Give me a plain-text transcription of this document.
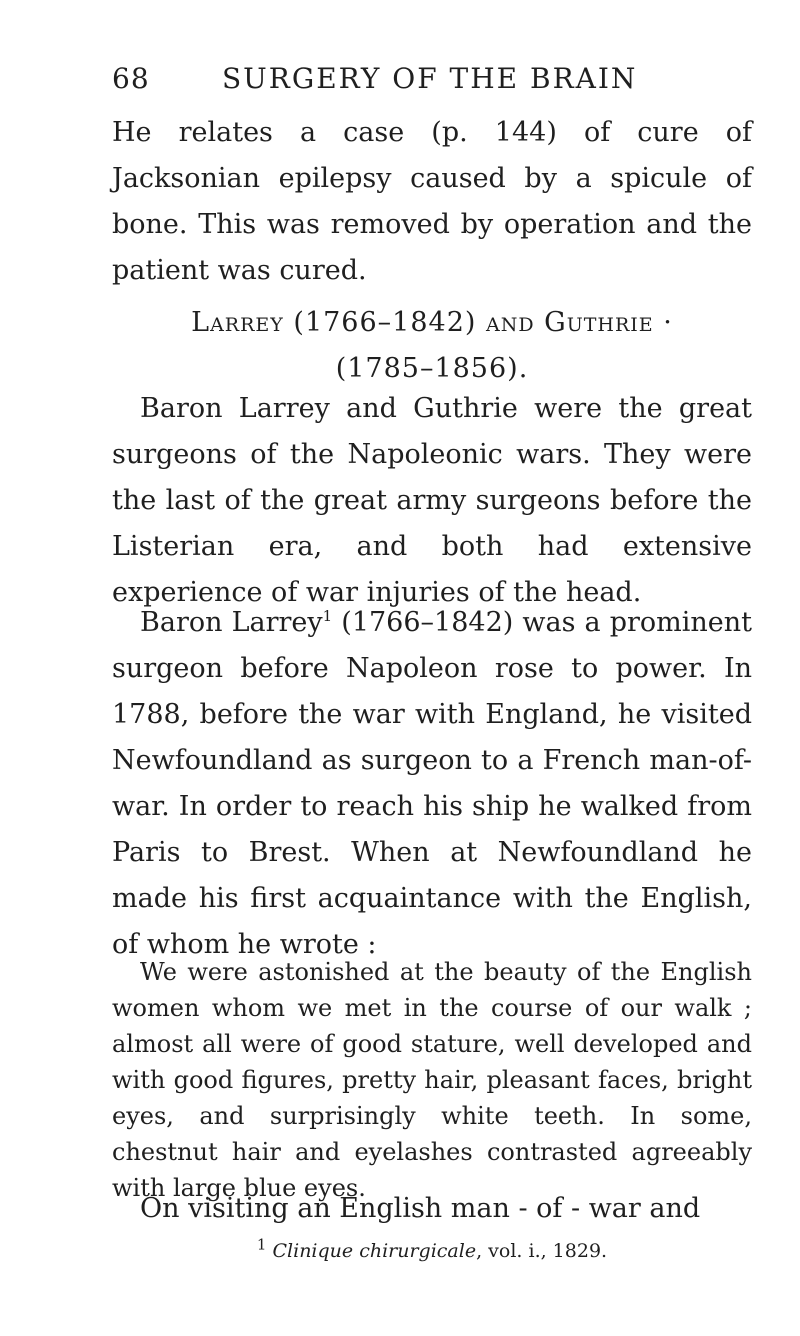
68	SURGERY OF THE BRAIN

He relates a case (p. 144) of cure of Jacksonian epilepsy caused by a spicule of bone. This was removed by operation and the patient was cured.

Larrey (1766–1842) and Guthrie ·
(1785–1856).

Baron Larrey and Guthrie were the great surgeons of the Napoleonic wars. They were the last of the great army surgeons before the Listerian era, and both had extensive experience of war injuries of the head.

Baron Larrey$^1$ (1766–1842) was a prominent surgeon before Napoleon rose to power. In 1788, before the war with England, he visited Newfoundland as surgeon to a French man-of-war. In order to reach his ship he walked from Paris to Brest. When at Newfoundland he made his first acquaintance with the English, of whom he wrote :

We were astonished at the beauty of the English women whom we met in the course of our walk ; almost all were of good stature, well developed and with good figures, pretty hair, pleasant faces, bright eyes, and surprisingly white teeth. In some, chestnut hair and eyelashes contrasted agreeably with large blue eyes.

On visiting an English man - of - war and

$^1$ Clinique chirurgicale, vol. i., 1829.
